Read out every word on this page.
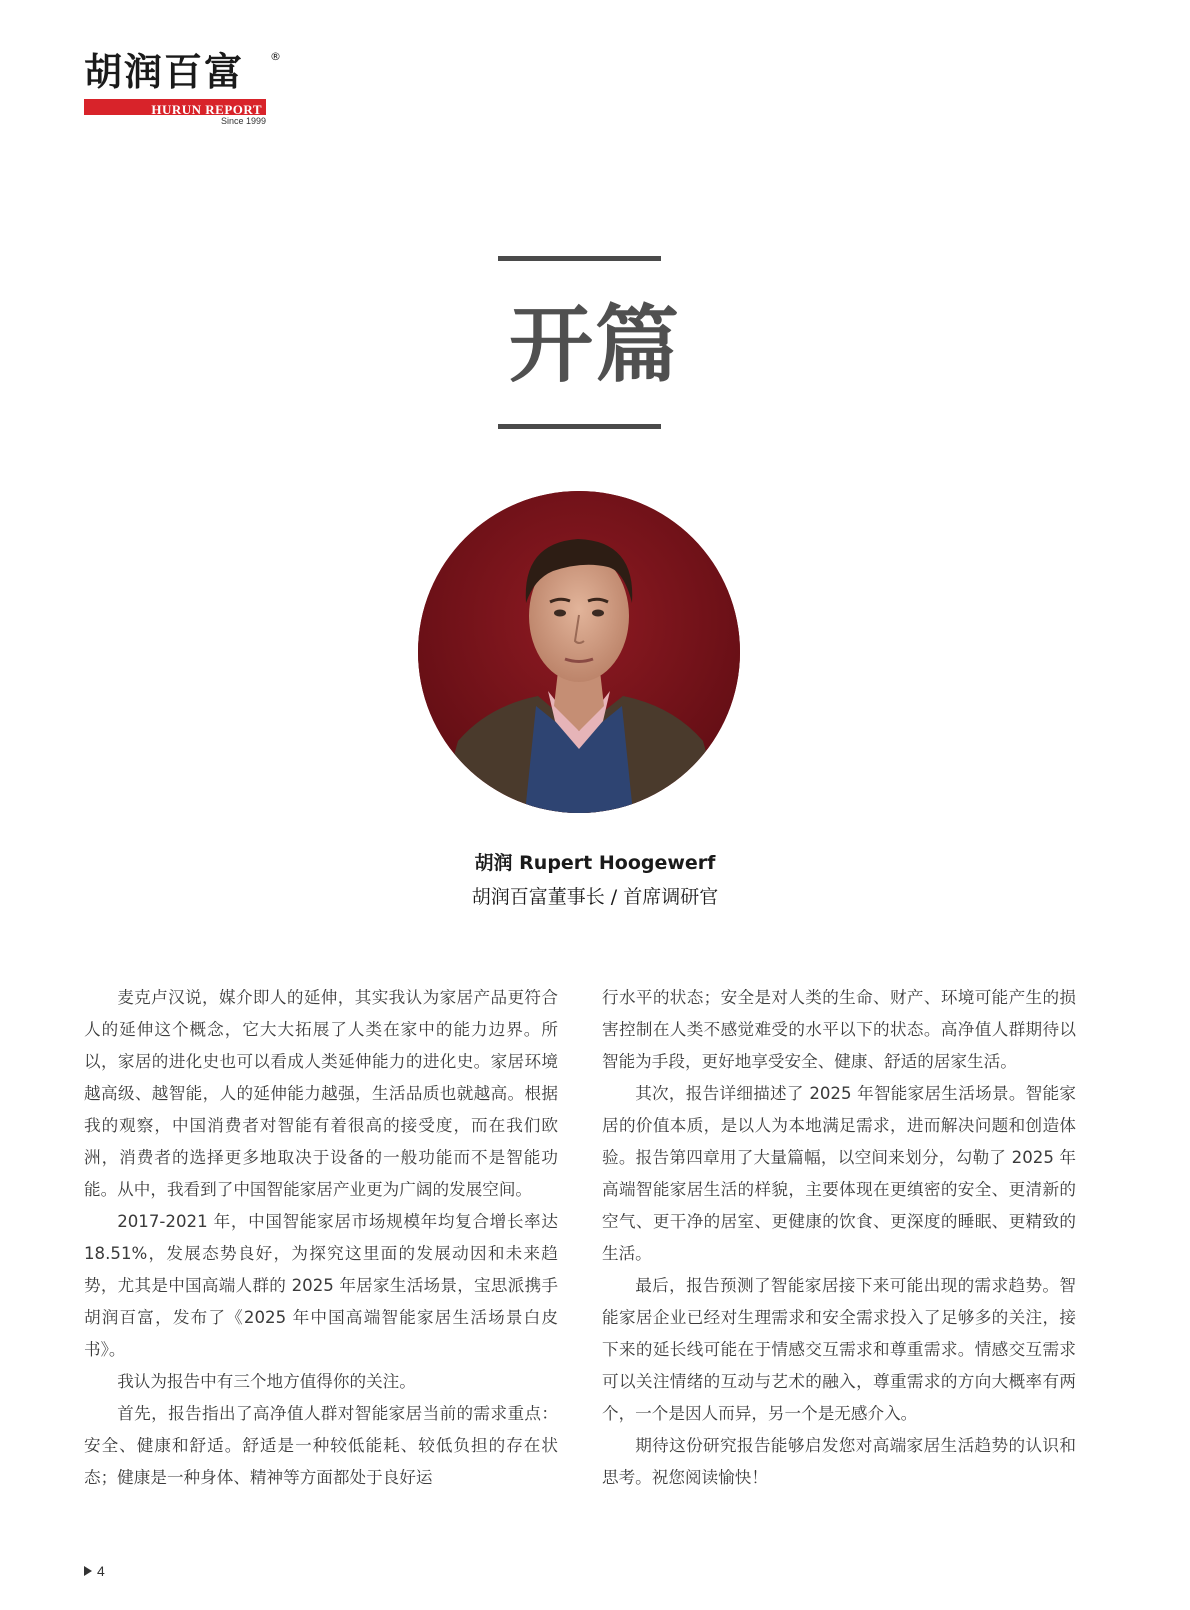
胡润百富	®
HURUN REPORT
Since 1999
开篇
胡润 Rupert Hoogewerf
胡润百富董事长 / 首席调研官

麦克卢汉说，媒介即人的延伸，其实我认为家居产品更符合人的延伸这个概念，它大大拓展了人类在家中的能力边界。所以，家居的进化史也可以看成人类延伸能力的进化史。家居环境越高级、越智能，人的延伸能力越强，生活品质也就越高。根据我的观察，中国消费者对智能有着很高的接受度，而在我们欧洲，消费者的选择更多地取决于设备的一般功能而不是智能功能。从中，我看到了中国智能家居产业更为广阔的发展空间。

2017-2021 年，中国智能家居市场规模年均复合增长率达 18.51%，发展态势良好，为探究这里面的发展动因和未来趋势，尤其是中国高端人群的 2025 年居家生活场景，宝思派携手胡润百富，发布了《2025 年中国高端智能家居生活场景白皮书》。

我认为报告中有三个地方值得你的关注。

首先，报告指出了高净值人群对智能家居当前的需求重点：安全、健康和舒适。舒适是一种较低能耗、较低负担的存在状态；健康是一种身体、精神等方面都处于良好运

行水平的状态；安全是对人类的生命、财产、环境可能产生的损害控制在人类不感觉难受的水平以下的状态。高净值人群期待以智能为手段，更好地享受安全、健康、舒适的居家生活。

其次，报告详细描述了 2025 年智能家居生活场景。智能家居的价值本质，是以人为本地满足需求，进而解决问题和创造体验。报告第四章用了大量篇幅，以空间来划分，勾勒了 2025 年高端智能家居生活的样貌，主要体现在更缜密的安全、更清新的空气、更干净的居室、更健康的饮食、更深度的睡眠、更精致的生活。

最后，报告预测了智能家居接下来可能出现的需求趋势。智能家居企业已经对生理需求和安全需求投入了足够多的关注，接下来的延长线可能在于情感交互需求和尊重需求。情感交互需求可以关注情绪的互动与艺术的融入，尊重需求的方向大概率有两个，一个是因人而异，另一个是无感介入。

期待这份研究报告能够启发您对高端家居生活趋势的认识和思考。祝您阅读愉快！

4
